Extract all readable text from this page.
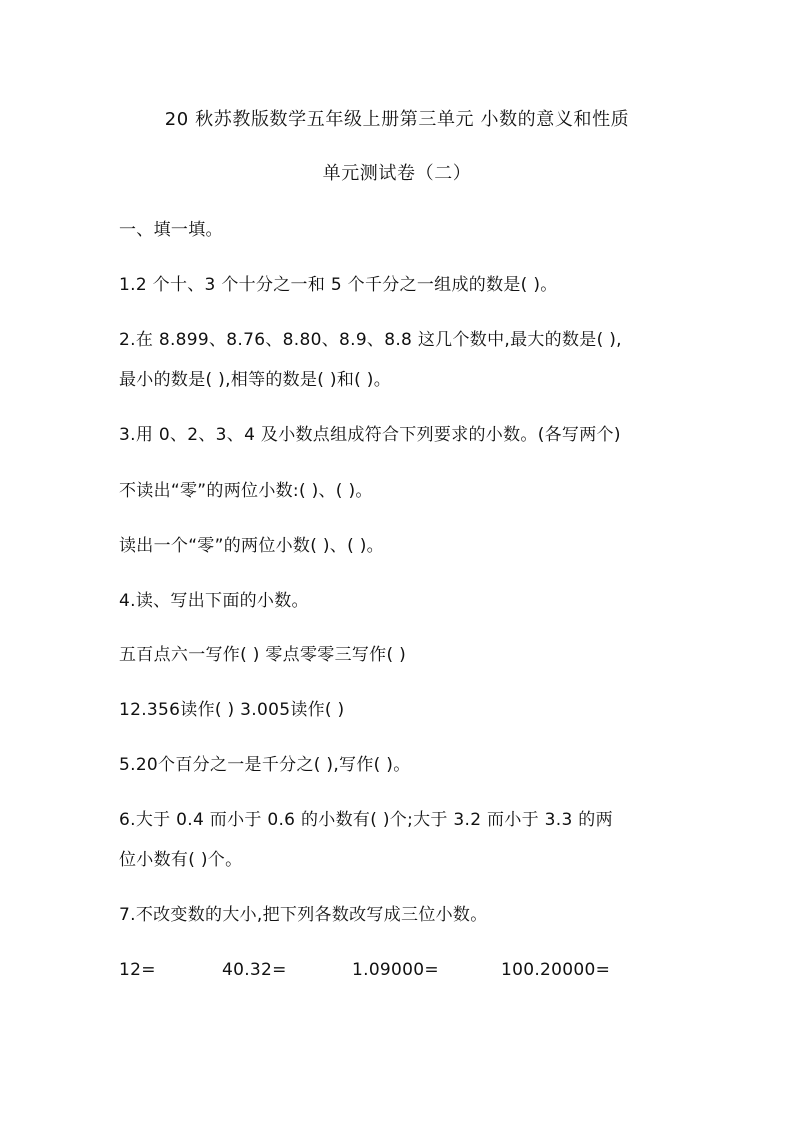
20 秋苏教版数学五年级上册第三单元 小数的意义和性质
单元测试卷（二）
一、填一填。
1.2 个十、3 个十分之一和 5 个千分之一组成的数是( )。
2.在 8.899、8.76、8.80、8.9、8.8 这几个数中,最大的数是( ),
最小的数是( ),相等的数是( )和( )。
3.用 0、2、3、4 及小数点组成符合下列要求的小数。(各写两个)
不读出“零”的两位小数:( )、( )。
读出一个“零”的两位小数( )、( )。
4.读、写出下面的小数。
五百点六一写作( ) 零点零零三写作( )
12.356读作( ) 3.005读作( )
5.20个百分之一是千分之( ),写作( )。
6.大于 0.4 而小于 0.6 的小数有( )个;大于 3.2 而小于 3.3 的两
位小数有( )个。
7.不改变数的大小,把下列各数改写成三位小数。
12=	40.32=	1.09000=	100.20000=
